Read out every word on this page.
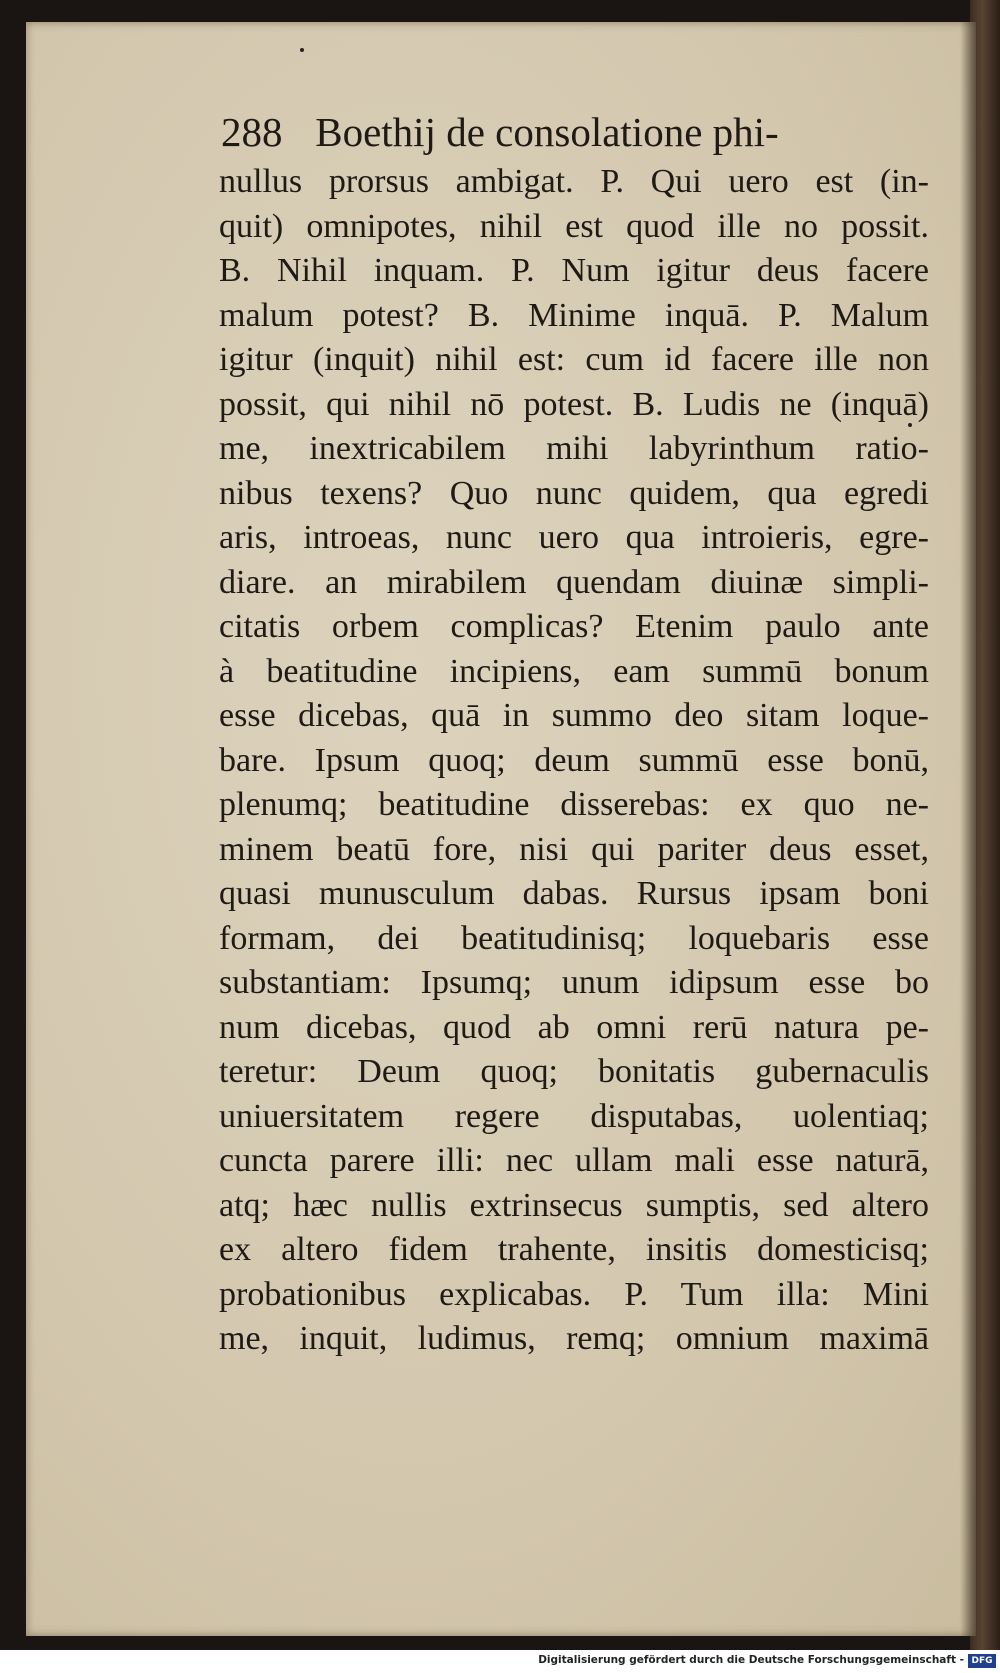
288 Boethij de consolatione phi-
nullus prorsus ambigat. P. Qui uero est (in-
quit) omnipotes, nihil est quod ille no possit.
B. Nihil inquam. P. Num igitur deus facere
malum potest? B. Minime inquā. P. Malum
igitur (inquit) nihil est: cum id facere ille non
possit, qui nihil nō potest. B. Ludis ne (inquā)
me, inextricabilem mihi labyrinthum ratio-
nibus texens? Quo nunc quidem, qua egredi
aris, introeas, nunc uero qua introieris, egre-
diare. an mirabilem quendam diuinæ simpli-
citatis orbem complicas? Etenim paulo ante
à beatitudine incipiens, eam summū bonum
esse dicebas, quā in summo deo sitam loque-
bare. Ipsum quoq; deum summū esse bonū,
plenumq; beatitudine disserebas: ex quo ne-
minem beatū fore, nisi qui pariter deus esset,
quasi munusculum dabas. Rursus ipsam boni
formam, dei beatitudinisq; loquebaris esse
substantiam: Ipsumq; unum idipsum esse bo
num dicebas, quod ab omni rerū natura pe-
teretur: Deum quoq; bonitatis gubernaculis
uniuersitatem regere disputabas, uolentiaq;
cuncta parere illi: nec ullam mali esse naturā,
atq; hæc nullis extrinsecus sumptis, sed altero
ex altero fidem trahente, insitis domesticisq;
probationibus explicabas. P. Tum illa: Mini
me, inquit, ludimus, remq; omnium maximā
Digitalisierung gefördert durch die Deutsche Forschungsgemeinschaft - DFG
